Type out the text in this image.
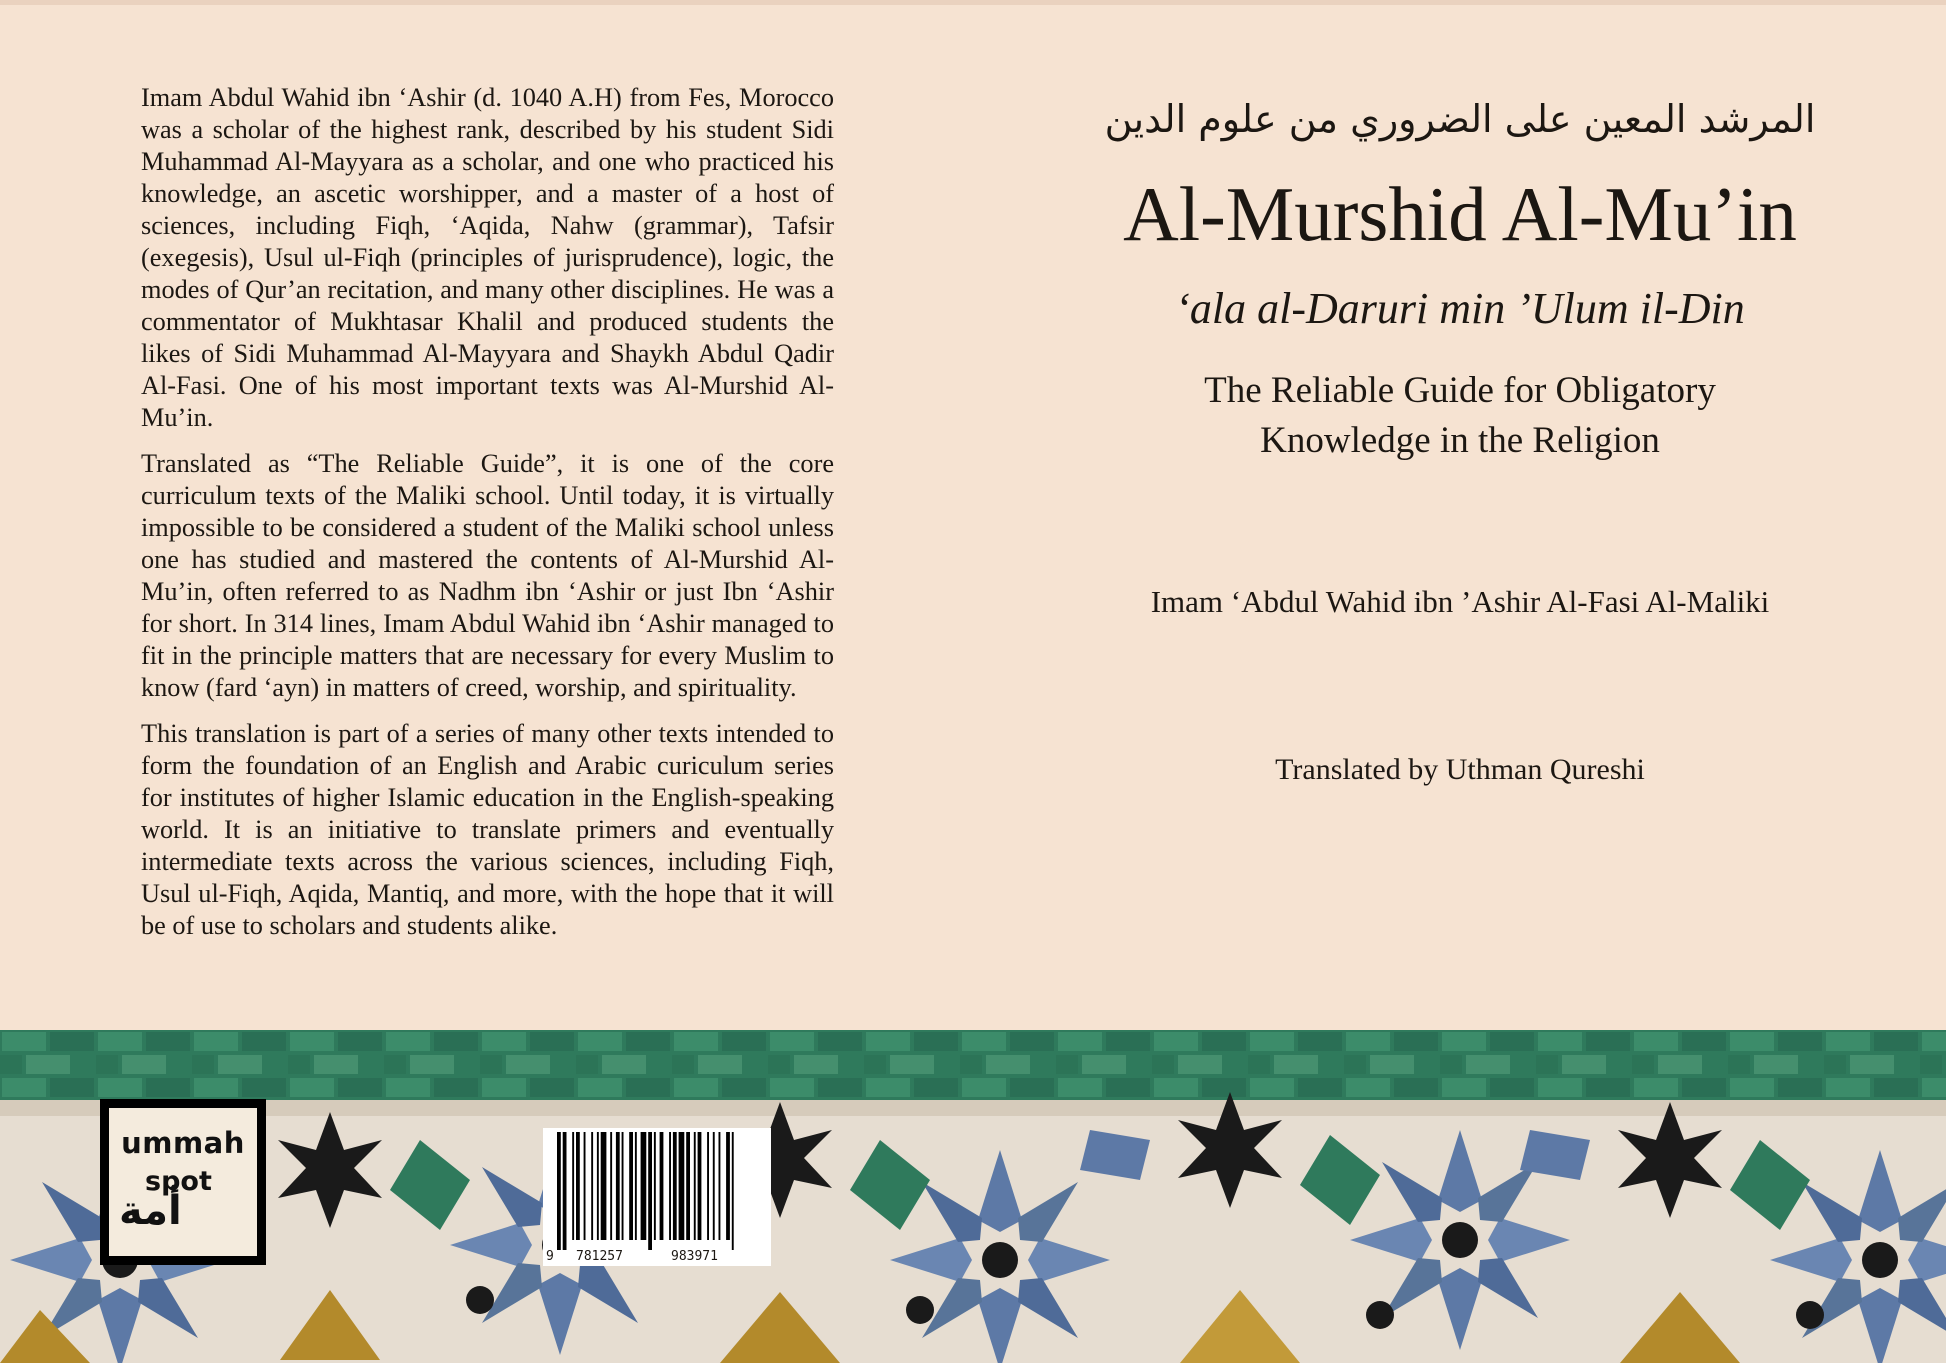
Imam Abdul Wahid ibn ‘Ashir (d. 1040 A.H) from Fes, Morocco was a scholar of the highest rank, described by his student Sidi Muhammad Al-Mayyara as a scholar, and one who practiced his knowledge, an ascetic worshipper, and a master of a host of sciences, including Fiqh, ‘Aqida, Nahw (grammar), Tafsir (exegesis), Usul ul-Fiqh (principles of jurisprudence), logic, the modes of Qur’an recitation, and many other disciplines. He was a commentator of Mukhtasar Khalil and produced students the likes of Sidi Muhammad Al-Mayyara and Shaykh Abdul Qadir Al-Fasi. One of his most important texts was Al-Murshid Al-Mu’in.

Translated as “The Reliable Guide”, it is one of the core curriculum texts of the Maliki school. Until today, it is virtually impossible to be considered a student of the Maliki school unless one has studied and mastered the contents of Al-Murshid Al-Mu’in, often referred to as Nadhm ibn ‘Ashir or just Ibn ‘Ashir for short. In 314 lines, Imam Abdul Wahid ibn ‘Ashir managed to fit in the principle matters that are necessary for every Muslim to know (fard ‘ayn) in matters of creed, worship, and spirituality.

This translation is part of a series of many other texts intended to form the foundation of an English and Arabic curiculum series for institutes of higher Islamic education in the English-speaking world. It is an initiative to translate primers and eventually intermediate texts across the various sciences, including Fiqh, Usul ul-Fiqh, Aqida, Mantiq, and more, with the hope that it will be of use to scholars and students alike.

المرشد المعين على الضروري من علوم الدين

Al-Murshid Al-Mu’in

‘ala al-Daruri min ’Ulum il-Din

The Reliable Guide for Obligatory
Knowledge in the Religion

Imam ‘Abdul Wahid ibn ’Ashir Al-Fasi Al-Maliki

Translated by Uthman Qureshi

ummah
spot
أمة
9 781257	983971
